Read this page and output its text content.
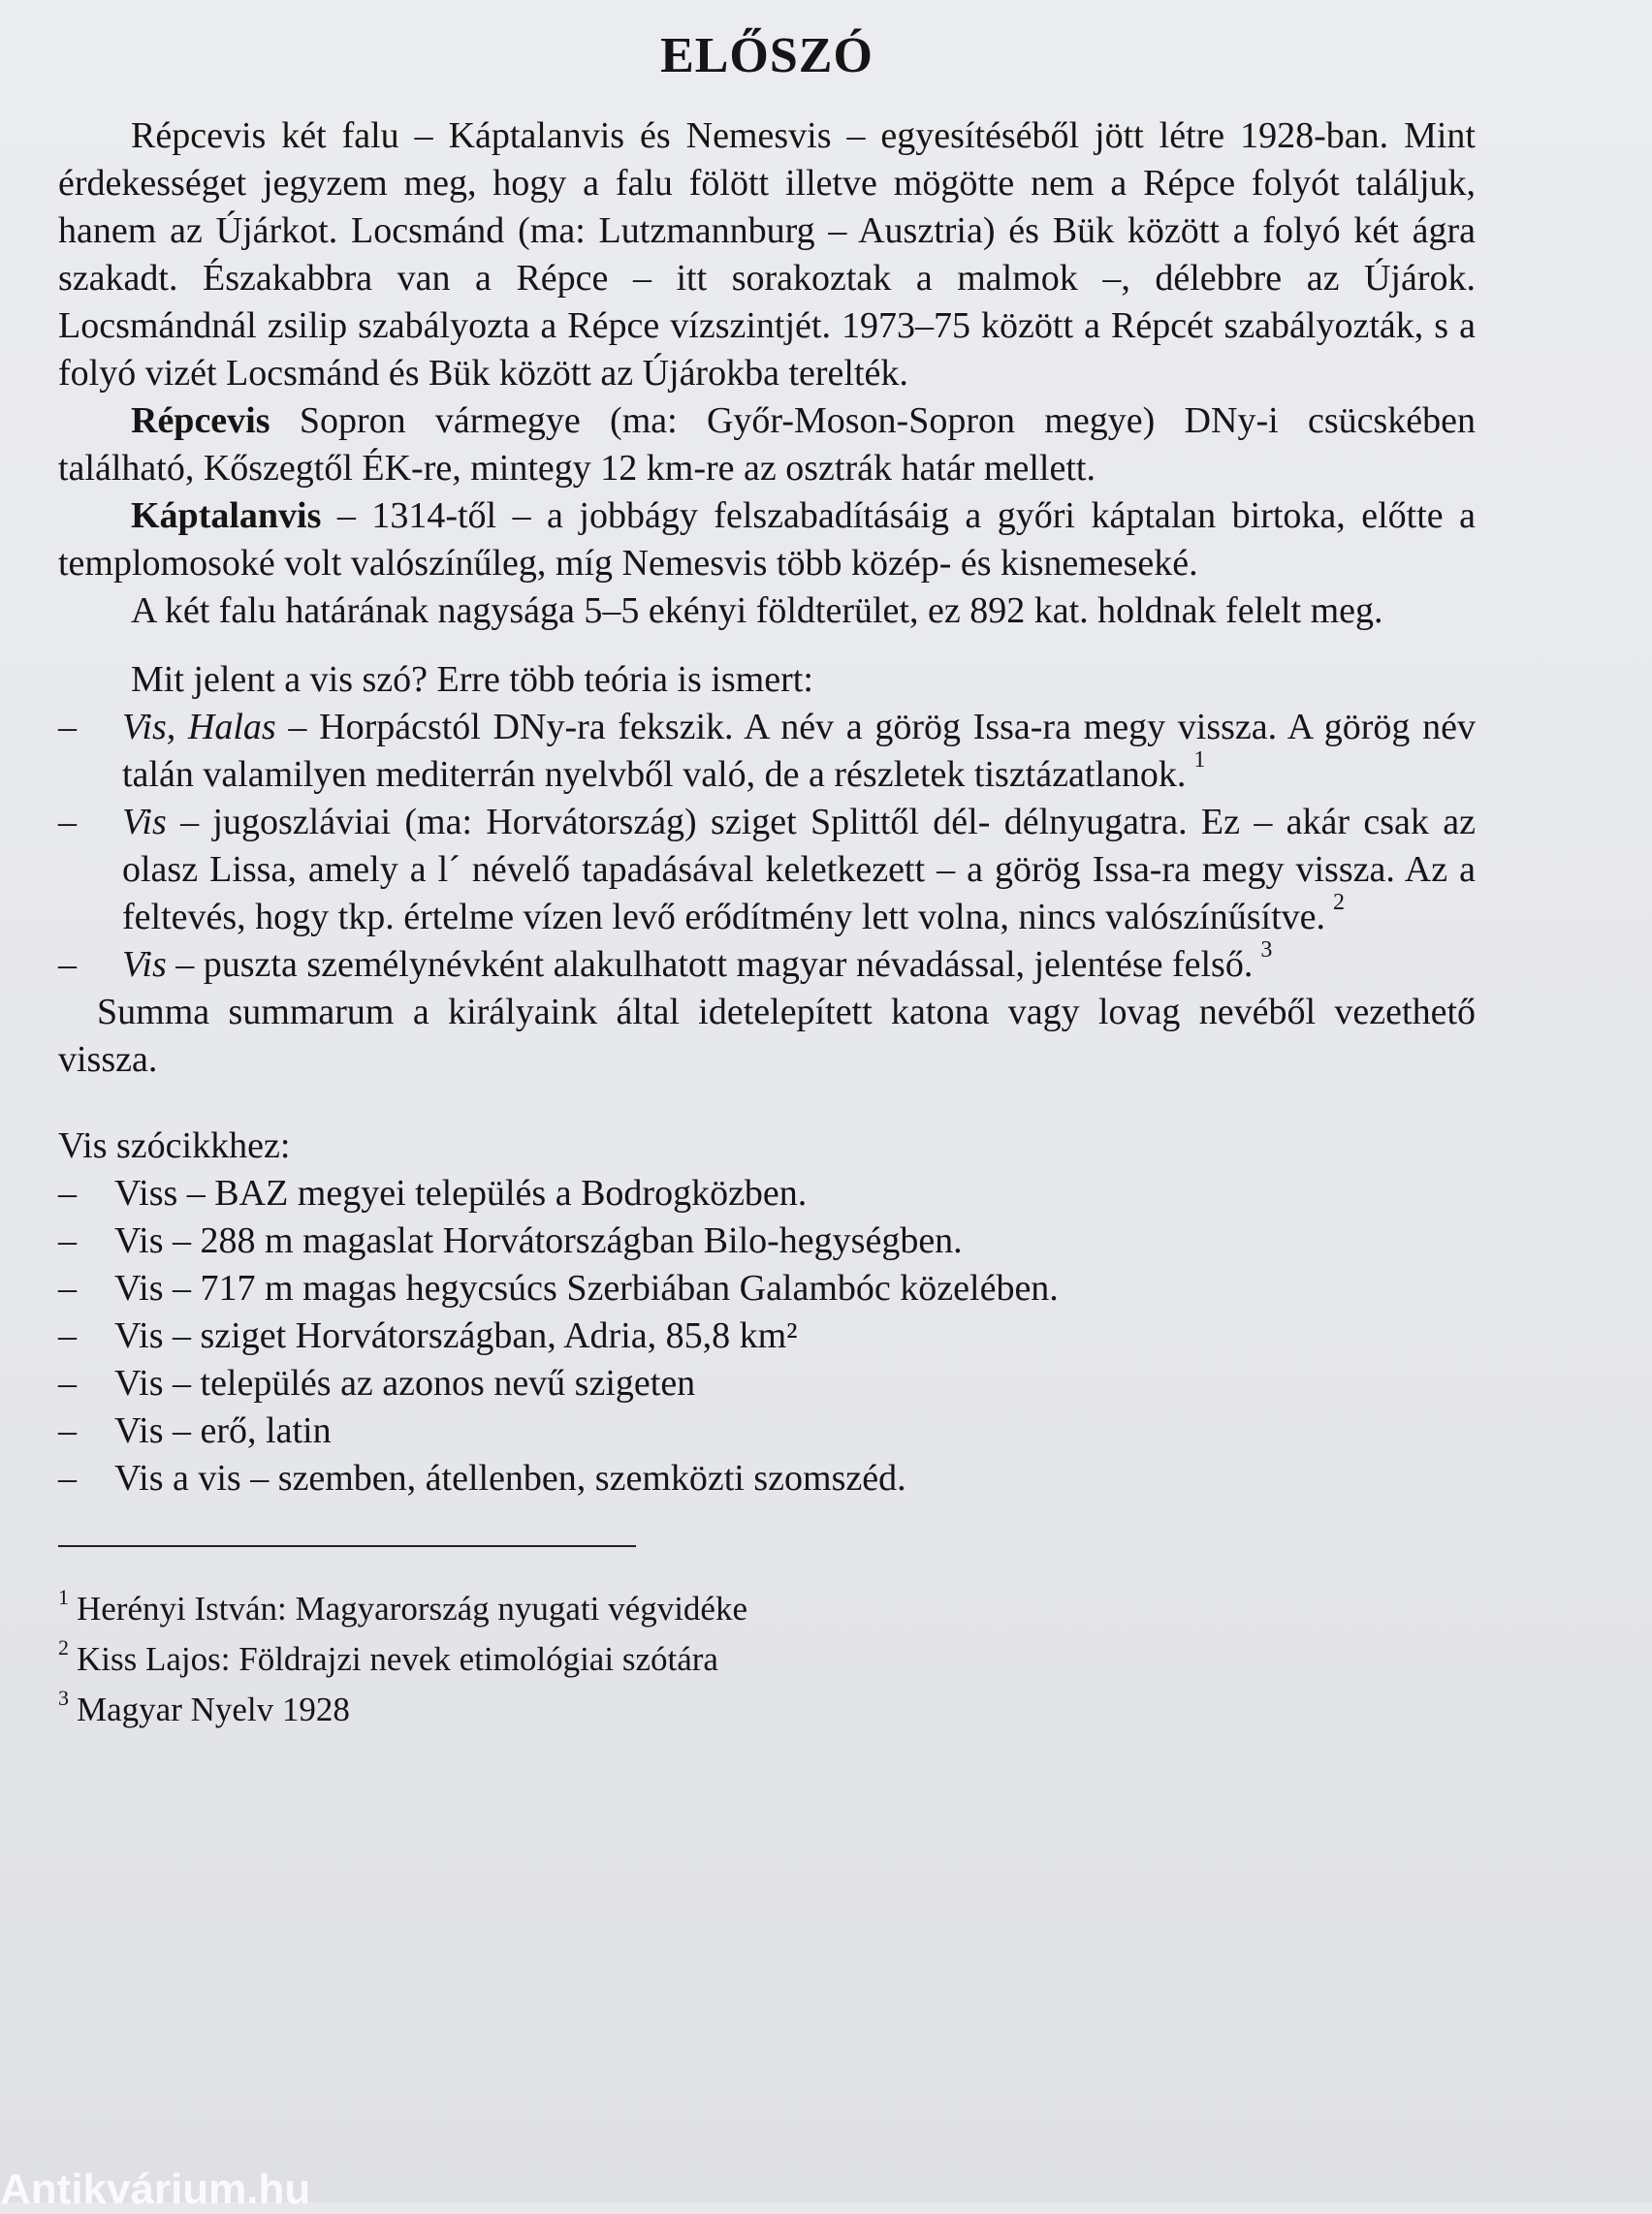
ELŐSZÓ

Répcevis két falu – Káptalanvis és Nemesvis – egyesítéséből jött létre 1928-ban. Mint érdekességet jegyzem meg, hogy a falu fölött illetve mögötte nem a Répce folyót találjuk, hanem az Újárkot. Locsmánd (ma: Lutzmannburg – Ausztria) és Bük között a folyó két ágra szakadt. Északabbra van a Répce – itt sorakoztak a malmok –, délebbre az Újárok. Locsmándnál zsilip szabályozta a Répce vízszintjét. 1973–75 között a Répcét szabályozták, s a folyó vizét Locsmánd és Bük között az Újárokba terelték.

Répcevis Sopron vármegye (ma: Győr-Moson-Sopron megye) DNy-i csücskében található, Kőszegtől ÉK-re, mintegy 12 km-re az osztrák határ mellett.

Káptalanvis – 1314-től – a jobbágy felszabadításáig a győri káptalan birtoka, előtte a templomosoké volt valószínűleg, míg Nemesvis több közép- és kisnemeseké.

A két falu határának nagysága 5–5 ekényi földterület, ez 892 kat. holdnak felelt meg.

Mit jelent a vis szó? Erre több teória is ismert:

–	Vis, Halas – Horpácstól DNy-ra fekszik. A név a görög Issa-ra megy vissza. A görög név talán valamilyen mediterrán nyelvből való, de a részletek tisztázatlanok. $^1$
–	Vis – jugoszláviai (ma: Horvátország) sziget Splittől dél- délnyugatra. Ez – akár csak az olasz Lissa, amely a l´ névelő tapadásával keletkezett – a görög Issa-ra megy vissza. Az a feltevés, hogy tkp. értelme vízen levő erődítmény lett volna, nincs valószínűsítve. $^2$
–	Vis – puszta személynévként alakulhatott magyar névadással, jelentése felső. $^3$

Summa summarum a királyaink által idetelepített katona vagy lovag nevéből vezethető vissza.

Vis szócikkhez:

–	Viss – BAZ megyei település a Bodrogközben.
–	Vis – 288 m magaslat Horvátországban Bilo-hegységben.
–	Vis – 717 m magas hegycsúcs Szerbiában Galambóc közelében.
–	Vis – sziget Horvátországban, Adria, 85,8 km²
–	Vis – település az azonos nevű szigeten
–	Vis – erő, latin
–	Vis a vis – szemben, átellenben, szemközti szomszéd.
$^1$ Herényi István: Magyarország nyugati végvidéke
$^2$ Kiss Lajos: Földrajzi nevek etimológiai szótára
$^3$ Magyar Nyelv 1928
Antikvárium.hu
